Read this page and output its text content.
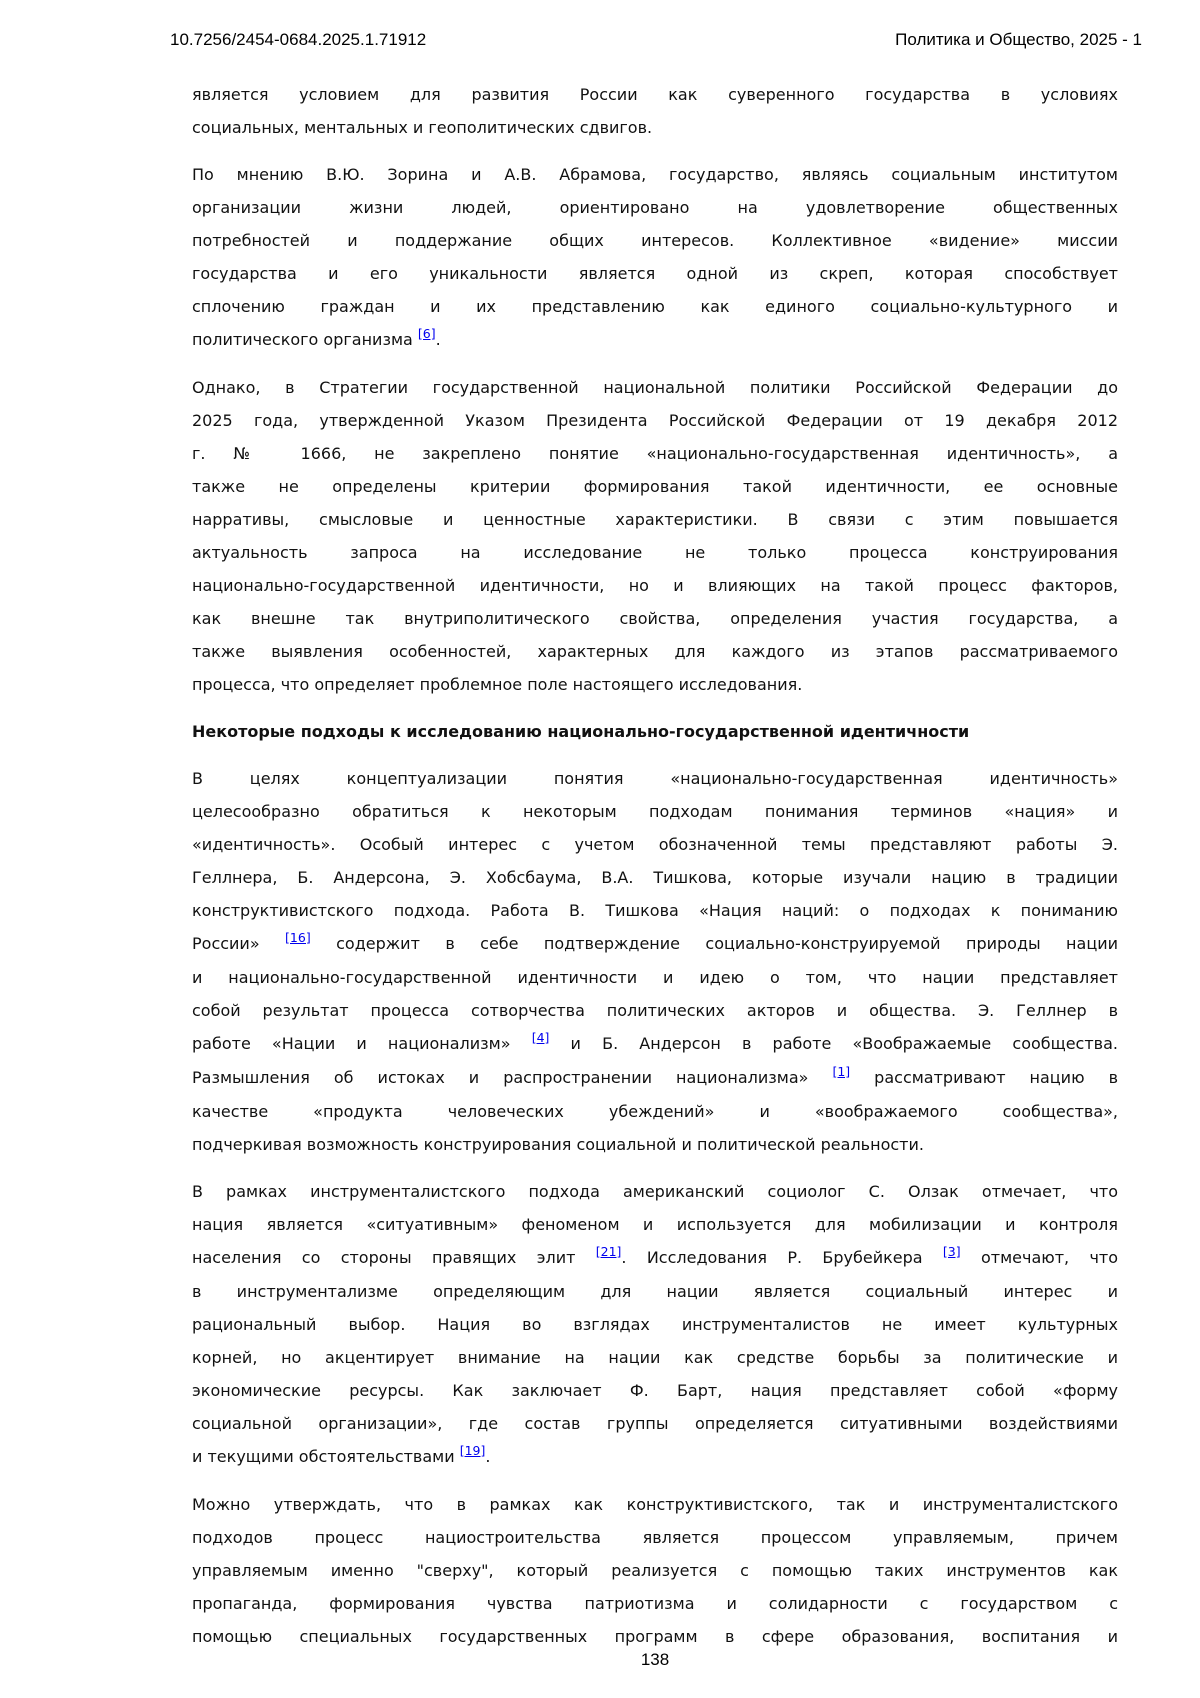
10.7256/2454-0684.2025.1.71912	Политика и Общество, 2025 - 1
является условием для развития России как суверенного государства в условиях
социальных, ментальных и геополитических сдвигов.
По мнению В.Ю. Зорина и А.В. Абрамова, государство, являясь социальным институтом
организации жизни людей, ориентировано на удовлетворение общественных
потребностей и поддержание общих интересов. Коллективное «видение» миссии
государства и его уникальности является одной из скреп, которая способствует
сплочению граждан и их представлению как единого социально-культурного и
политического организма [6].
Однако, в Стратегии государственной национальной политики Российской Федерации до
2025 года, утвержденной Указом Президента Российской Федерации от 19 декабря 2012
г. № 1666, не закреплено понятие «национально-государственная идентичность», а
также не определены критерии формирования такой идентичности, ее основные
нарративы, смысловые и ценностные характеристики. В связи с этим повышается
актуальность запроса на исследование не только процесса конструирования
национально-государственной идентичности, но и влияющих на такой процесс факторов,
как внешне так внутриполитического свойства, определения участия государства, а
также выявления особенностей, характерных для каждого из этапов рассматриваемого
процесса, что определяет проблемное поле настоящего исследования.
Некоторые подходы к исследованию национально-государственной идентичности
В целях концептуализации понятия «национально-государственная идентичность»
целесообразно обратиться к некоторым подходам понимания терминов «нация» и
«идентичность». Особый интерес с учетом обозначенной темы представляют работы Э.
Геллнера, Б. Андерсона, Э. Хобсбаума, В.А. Тишкова, которые изучали нацию в традиции
конструктивистского подхода. Работа В. Тишкова «Нация наций: о подходах к пониманию
России» [16] содержит в себе подтверждение социально-конструируемой природы нации
и национально-государственной идентичности и идею о том, что нации представляет
собой результат процесса сотворчества политических акторов и общества. Э. Геллнер в
работе «Нации и национализм» [4] и Б. Андерсон в работе «Воображаемые сообщества.
Размышления об истоках и распространении национализма» [1] рассматривают нацию в
качестве «продукта человеческих убеждений» и «воображаемого сообщества»,
подчеркивая возможность конструирования социальной и политической реальности.
В рамках инструменталистского подхода американский социолог С. Олзак отмечает, что
нация является «ситуативным» феноменом и используется для мобилизации и контроля
населения со стороны правящих элит [21]. Исследования Р. Брубейкера [3] отмечают, что
в инструментализме определяющим для нации является социальный интерес и
рациональный выбор. Нация во взглядах инструменталистов не имеет культурных
корней, но акцентирует внимание на нации как средстве борьбы за политические и
экономические ресурсы. Как заключает Ф. Барт, нация представляет собой «форму
социальной организации», где состав группы определяется ситуативными воздействиями
и текущими обстоятельствами [19].
Можно утверждать, что в рамках как конструктивистского, так и инструменталистского
подходов процесс нациостроительства является процессом управляемым, причем
управляемым именно "сверху", который реализуется с помощью таких инструментов как
пропаганда, формирования чувства патриотизма и солидарности с государством с
помощью специальных государственных программ в сфере образования, воспитания и
138
